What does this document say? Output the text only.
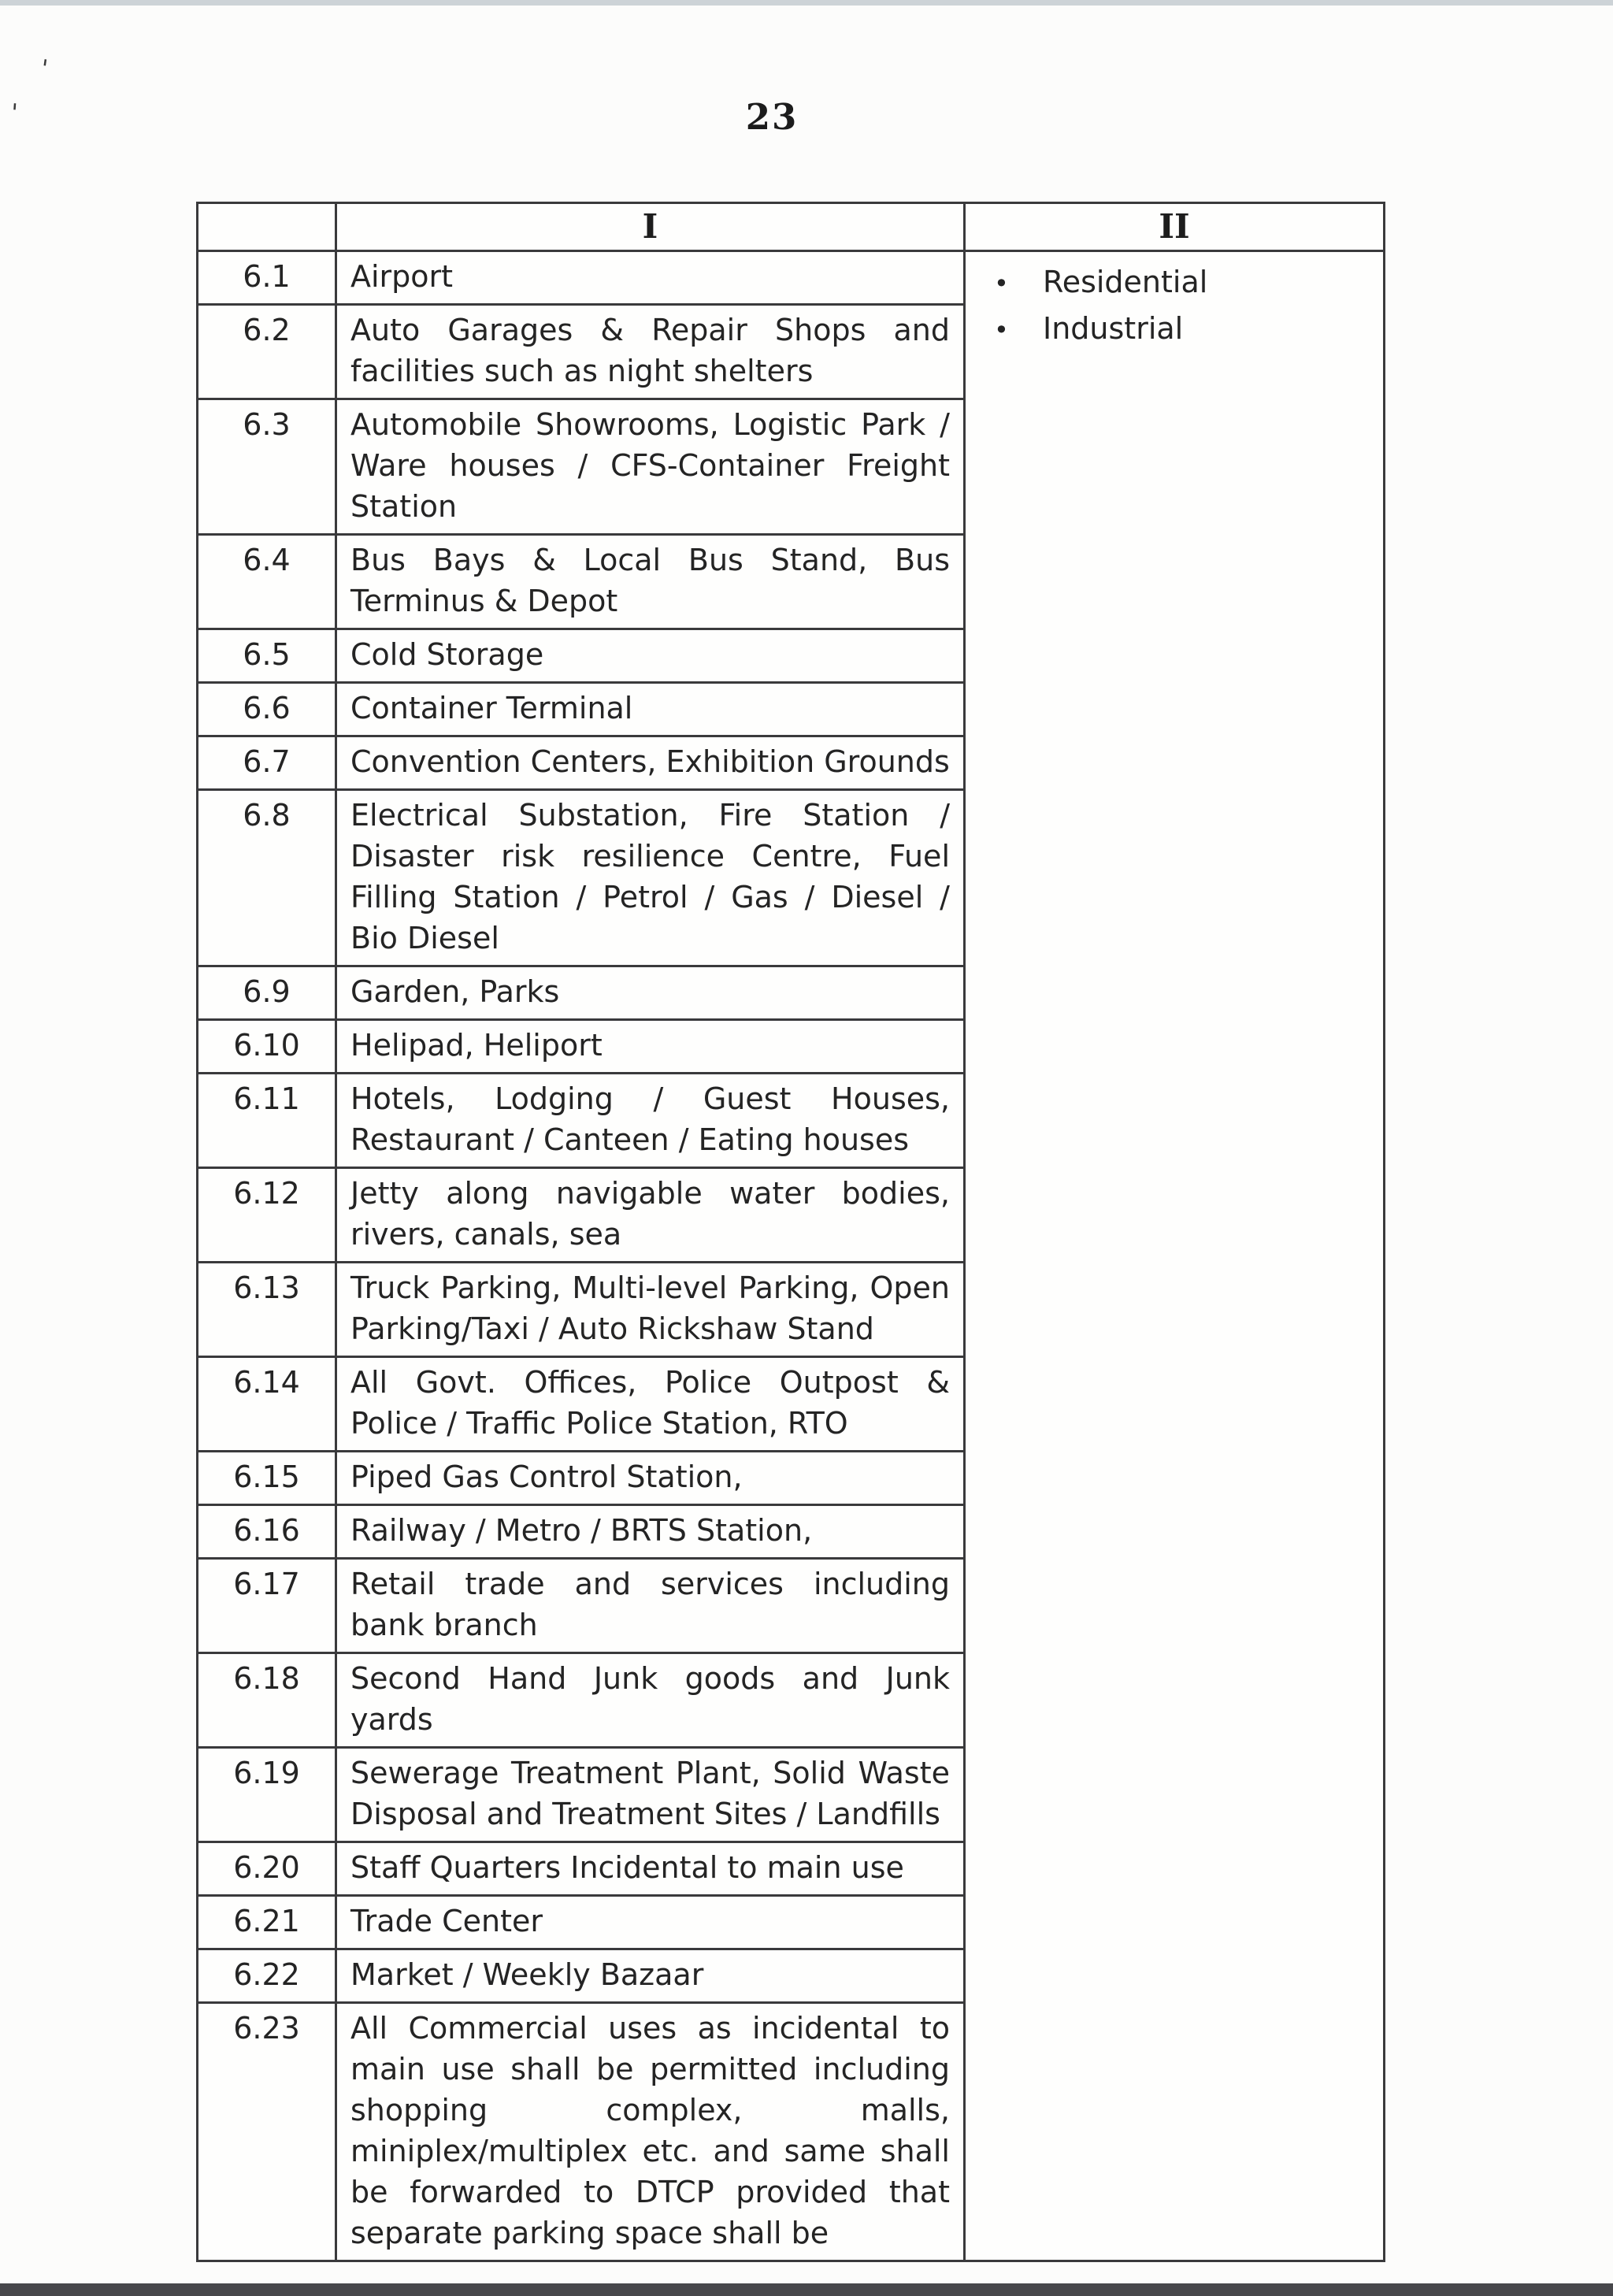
'
'	23
	I	II
6.1	Airport	• Residential
• Industrial

6.2	Auto Garages & Repair Shops and facilities such as night shelters	
6.3	Automobile Showrooms, Logistic Park / Ware houses / CFS-Container Freight Station	
6.4	Bus Bays & Local Bus Stand, Bus Terminus & Depot	
6.5	Cold Storage	
6.6	Container Terminal	
6.7	Convention Centers, Exhibition Grounds	
6.8	Electrical Substation, Fire Station / Disaster risk resilience Centre, Fuel Filling Station / Petrol / Gas / Diesel / Bio Diesel	
6.9	Garden, Parks	
6.10	Helipad, Heliport	
6.11	Hotels, Lodging / Guest Houses, Restaurant / Canteen / Eating houses	
6.12	Jetty along navigable water bodies, rivers, canals, sea	
6.13	Truck Parking, Multi-level Parking, Open Parking/Taxi / Auto Rickshaw Stand	
6.14	All Govt. Offices, Police Outpost & Police / Traffic Police Station, RTO	
6.15	Piped Gas Control Station,	
6.16	Railway / Metro / BRTS Station,	
6.17	Retail trade and services including bank branch	
6.18	Second Hand Junk goods and Junk yards	
6.19	Sewerage Treatment Plant, Solid Waste Disposal and Treatment Sites / Landfills	
6.20	Staff Quarters Incidental to main use	
6.21	Trade Center	
6.22	Market / Weekly Bazaar	
6.23	All Commercial uses as incidental to main use shall be permitted including shopping complex, malls, miniplex/multiplex etc. and same shall be forwarded to DTCP provided that separate parking space shall be	
